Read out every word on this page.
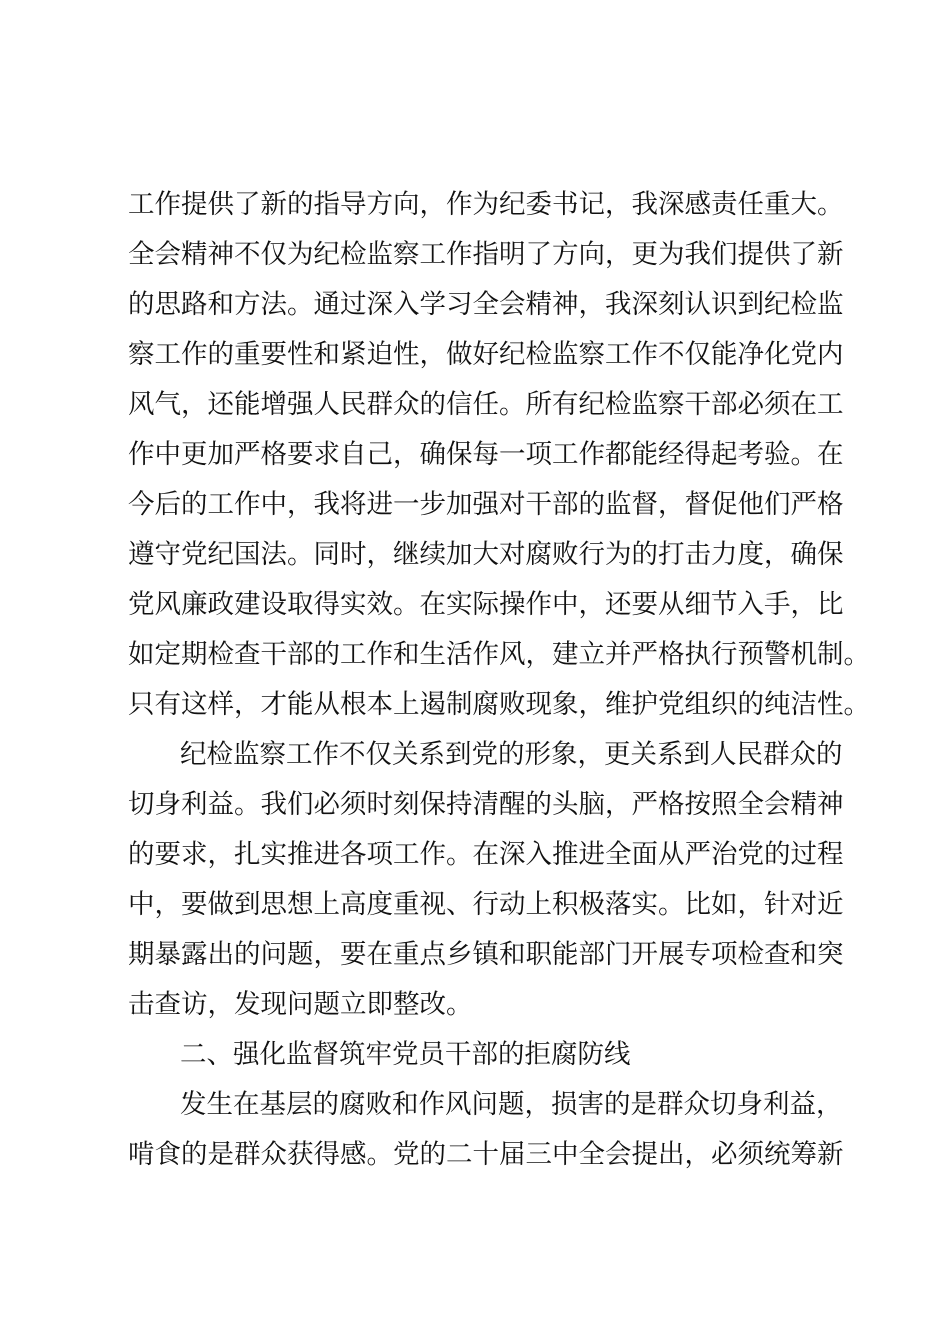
工作提供了新的指导方向，作为纪委书记，我深感责任重大。
全会精神不仅为纪检监察工作指明了方向，更为我们提供了新
的思路和方法。通过深入学习全会精神，我深刻认识到纪检监
察工作的重要性和紧迫性，做好纪检监察工作不仅能净化党内
风气，还能增强人民群众的信任。所有纪检监察干部必须在工
作中更加严格要求自己，确保每一项工作都能经得起考验。在
今后的工作中，我将进一步加强对干部的监督，督促他们严格
遵守党纪国法。同时，继续加大对腐败行为的打击力度，确保
党风廉政建设取得实效。在实际操作中，还要从细节入手，比
如定期检查干部的工作和生活作风，建立并严格执行预警机制。
只有这样，才能从根本上遏制腐败现象，维护党组织的纯洁性。
纪检监察工作不仅关系到党的形象，更关系到人民群众的
切身利益。我们必须时刻保持清醒的头脑，严格按照全会精神
的要求，扎实推进各项工作。在深入推进全面从严治党的过程
中，要做到思想上高度重视、行动上积极落实。比如，针对近
期暴露出的问题，要在重点乡镇和职能部门开展专项检查和突
击查访，发现问题立即整改。
二、强化监督筑牢党员干部的拒腐防线
发生在基层的腐败和作风问题，损害的是群众切身利益，
啃食的是群众获得感。党的二十届三中全会提出，必须统筹新
